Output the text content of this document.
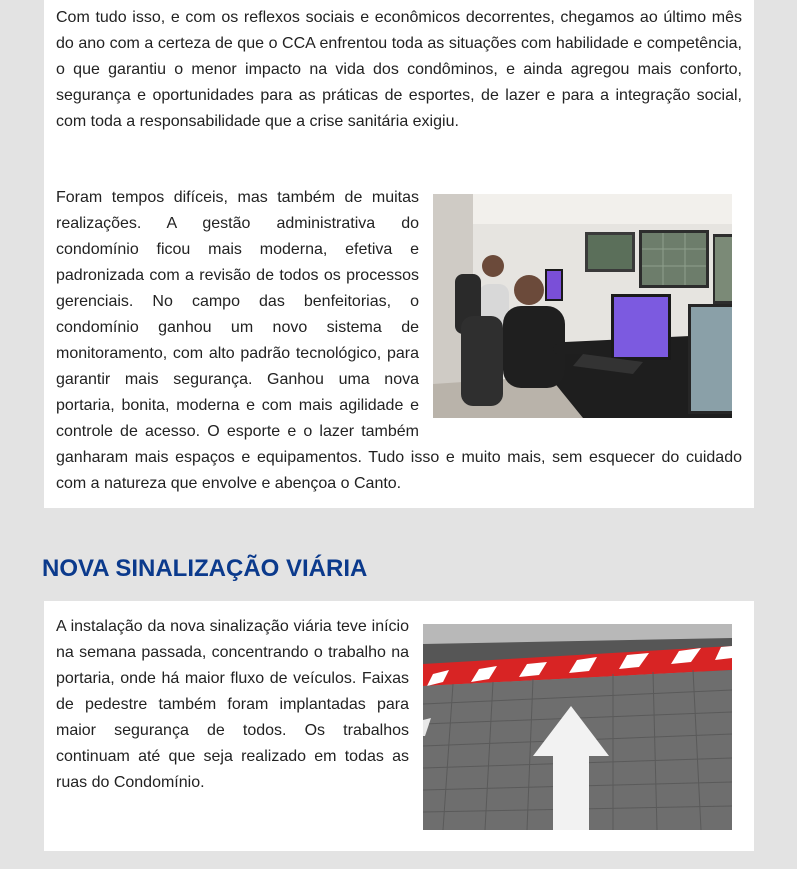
Com tudo isso, e com os reflexos sociais e econômicos decorrentes, chegamos ao último mês do ano com a certeza de que o CCA enfrentou toda as situações com habilidade e competência, o que garantiu o menor impacto na vida dos condôminos, e ainda agregou mais conforto, segurança e oportunidades para as práticas de esportes, de lazer e para a integração social, com toda a responsabilidade que a crise sanitária exigiu.

Foram tempos difíceis, mas também de muitas realizações. A gestão administrativa do condomínio ficou mais moderna, efetiva e padronizada com a revisão de todos os processos gerenciais. No campo das benfeitorias, o condomínio ganhou um novo sistema de monitoramento, com alto padrão tecnológico, para garantir mais segurança. Ganhou uma nova portaria, bonita, moderna e com mais agilidade e controle de acesso. O esporte e o lazer também ganharam mais espaços e equipamentos. Tudo isso e muito mais, sem esquecer do cuidado com a natureza que envolve e abençoa o Canto.
NOVA SINALIZAÇÃO VIÁRIA
A instalação da nova sinalização viária teve início na semana passada, concentrando o trabalho na portaria, onde há maior fluxo de veículos. Faixas de pedestre também foram implantadas para maior segurança de todos. Os trabalhos continuam até que seja realizado em todas as ruas do Condomínio.
